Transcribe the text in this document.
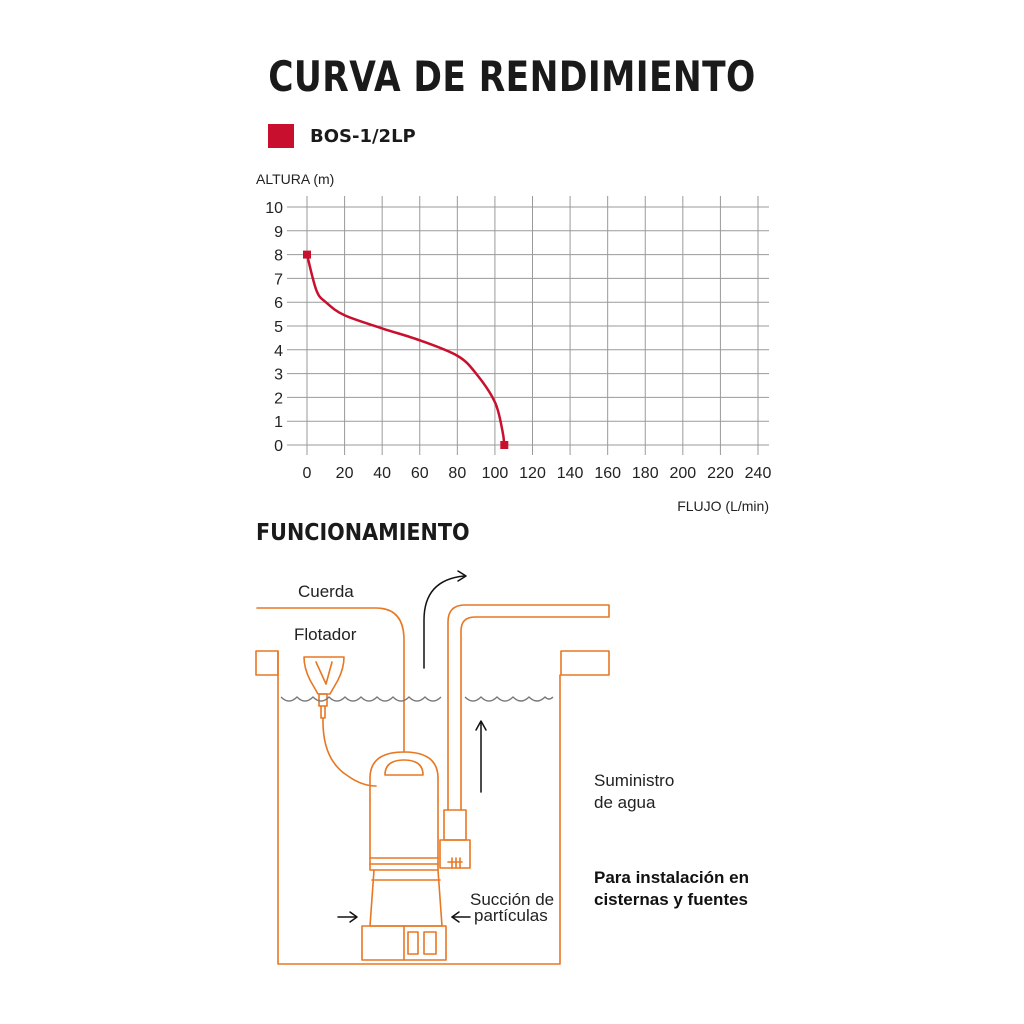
CURVA DE RENDIMIENTO
BOS-1/2LP
0
1
2
3
4
5
6
7
8
9
10
0 20 40 60 80 100 120 140 160 180 200 220 240
ALTURA (m)
FLUJO (L/min)
FUNCIONAMIENTO
Cuerda
Flotador
Suministro
de agua
Succión de
partículas
Para instalación en
cisternas y fuentes
